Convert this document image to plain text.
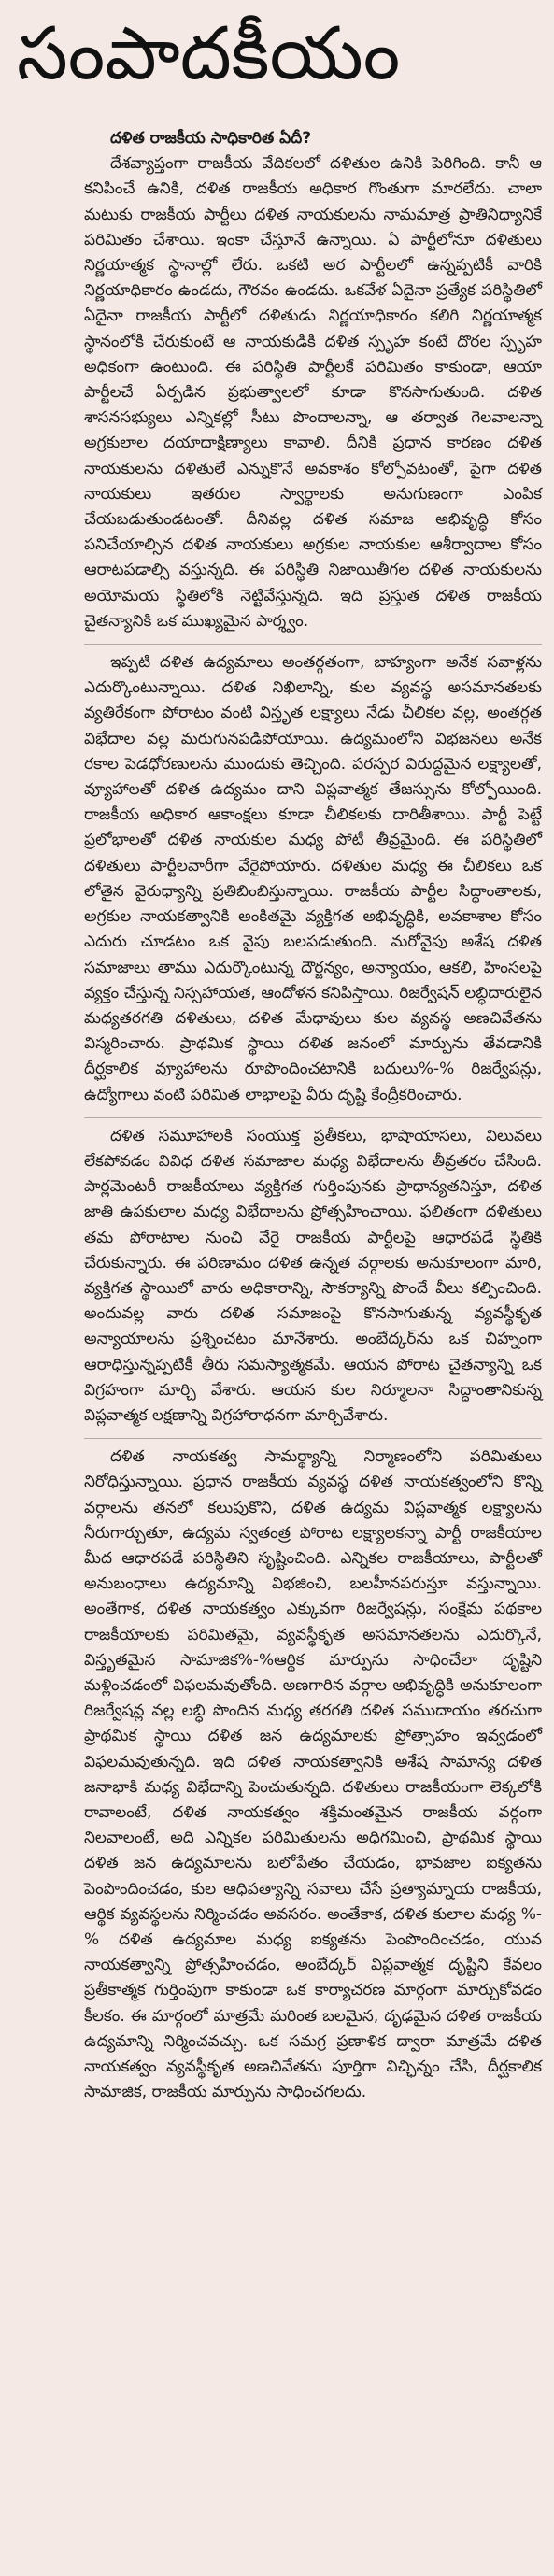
సంపాదకీయం
దళిత రాజకీయ సాధికారిత ఏదీ?

దేశవ్యాప్తంగా రాజకీయ వేదికలలో దళితుల ఉనికి పెరిగింది. కానీ ఆ కనిపించే ఉనికి, దళిత రాజకీయ అధికార గొంతుగా మారలేదు. చాలా మటుకు రాజకీయ పార్టీలు దళిత నాయకులను నామమాత్ర ప్రాతినిధ్యానికే పరిమితం చేశాయి. ఇంకా చేస్తూనే ఉన్నాయి. ఏ పార్టీలోనూ దళితులు నిర్ణయాత్మక స్థానాల్లో లేరు. ఒకటి అర పార్టీలలో ఉన్నప్పటికీ వారికి నిర్ణయాధికారం ఉండదు, గౌరవం ఉండదు. ఒకవేళ ఏదైనా ప్రత్యేక పరిస్థితిలో ఏదైనా రాజకీయ పార్టీలో దళితుడు నిర్ణయాధికారం కలిగి నిర్ణయాత్మక స్థానంలోకి చేరుకుంటే ఆ నాయకుడికి దళిత స్పృహ కంటే దొరల స్పృహ అధికంగా ఉంటుంది. ఈ పరిస్థితి పార్టీలకే పరిమితం కాకుండా, ఆయా పార్టీలచే ఏర్పడిన ప్రభుత్వాలలో కూడా కొనసాగుతుంది. దళిత శాసనసభ్యులు ఎన్నికల్లో సీటు పొందాలన్నా, ఆ తర్వాత గెలవాలన్నా అగ్రకులాల దయాదాక్షిణ్యాలు కావాలి. దీనికి ప్రధాన కారణం దళిత నాయకులను దళితులే ఎన్నుకొనే అవకాశం కోల్పోవటంతో, పైగా దళిత నాయకులు ఇతరుల స్వార్థాలకు అనుగుణంగా ఎంపిక చేయబడుతుండటంతో. దీనివల్ల దళిత సమాజ అభివృద్ధి కోసం పనిచేయాల్సిన దళిత నాయకులు అగ్రకుల నాయకుల ఆశీర్వాదాల కోసం ఆరాటపడాల్సి వస్తున్నది. ఈ పరిస్థితి నిజాయితీగల దళిత నాయకులను అయోమయ స్థితిలోకి నెట్టివేస్తున్నది. ఇది ప్రస్తుత దళిత రాజకీయ చైతన్యానికి ఒక ముఖ్యమైన పార్శ్వం.

ఇప్పటి దళిత ఉద్యమాలు అంతర్గతంగా, బాహ్యంగా అనేక సవాళ్లను ఎదుర్కొంటున్నాయి. దళిత నిఖిలాన్ని, కుల వ్యవస్థ అసమానతలకు వ్యతిరేకంగా పోరాటం వంటి విస్తృత లక్ష్యాలు నేడు చీలికల వల్ల, అంతర్గత విభేదాల వల్ల మరుగునపడిపోయాయి. ఉద్యమంలోని విభజనలు అనేక రకాల పెడధోరణులను ముందుకు తెచ్చింది. పరస్పర విరుద్ధమైన లక్ష్యాలతో, వ్యూహాలతో దళిత ఉద్యమం దాని విప్లవాత్మక తేజస్సును కోల్పోయింది. రాజకీయ అధికార ఆకాంక్షలు కూడా చీలికలకు దారితీశాయి. పార్టీ పెట్టే ప్రలోభాలతో దళిత నాయకుల మధ్య పోటీ తీవ్రమైంది. ఈ పరిస్థితిలో దళితులు పార్టీలవారీగా వేరైపోయారు. దళితుల మధ్య ఈ చీలికలు ఒక లోతైన వైరుధ్యాన్ని ప్రతిబింబిస్తున్నాయి. రాజకీయ పార్టీల సిద్ధాంతాలకు, అగ్రకుల నాయకత్వానికి అంకితమై వ్యక్తిగత అభివృద్ధికి, అవకాశాల కోసం ఎదురు చూడటం ఒక వైపు బలపడుతుంది. మరోవైపు అశేష దళిత సమాజాలు తాము ఎదుర్కొంటున్న దౌర్జన్యం, అన్యాయం, ఆకలి, హింసలపై వ్యక్తం చేస్తున్న నిస్సహాయత, ఆందోళన కనిపిస్తాయి. రిజర్వేషన్ లబ్ధిదారులైన మధ్యతరగతి దళితులు, దళిత మేధావులు కుల వ్యవస్థ అణచివేతను విస్మరించారు. ప్రాథమిక స్థాయి దళిత జనంలో మార్పును తేవడానికి దీర్ఘకాలిక వ్యూహాలను రూపొందించటానికి బదులు%-% రిజర్వేషన్లు, ఉద్యోగాలు వంటి పరిమిత లాభాలపై వీరు దృష్టి కేంద్రీకరించారు.

దళిత సమూహాలకి సంయుక్త ప్రతీకలు, భాషాయాసలు, విలువలు లేకపోవడం వివిధ దళిత సమాజాల మధ్య విభేదాలను తీవ్రతరం చేసింది. పార్లమెంటరీ రాజకీయాలు వ్యక్తిగత గుర్తింపునకు ప్రాధాన్యతనిస్తూ, దళిత జాతి ఉపకులాల మధ్య విభేదాలను ప్రోత్సహించాయి. ఫలితంగా దళితులు తమ పోరాటాల నుంచి వేరై రాజకీయ పార్టీలపై ఆధారపడే స్థితికి చేరుకున్నారు. ఈ పరిణామం దళిత ఉన్నత వర్గాలకు అనుకూలంగా మారి, వ్యక్తిగత స్థాయిలో వారు అధికారాన్ని, సౌకర్యాన్ని పొందే వీలు కల్పించింది. అందువల్ల వారు దళిత సమాజంపై కొనసాగుతున్న వ్యవస్థీకృత అన్యాయాలను ప్రశ్నించటం మానేశారు. అంబేద్కర్‌ను ఒక చిహ్నంగా ఆరాధిస్తున్నప్పటికీ తీరు సమస్యాత్మకమే. ఆయన పోరాట చైతన్యాన్ని ఒక విగ్రహంగా మార్చి వేశారు. ఆయన కుల నిర్మూలనా సిద్ధాంతానికున్న విప్లవాత్మక లక్షణాన్ని విగ్రహారాధనగా మార్చివేశారు.

దళిత నాయకత్వ సామర్థ్యాన్ని నిర్మాణంలోని పరిమితులు నిరోధిస్తున్నాయి. ప్రధాన రాజకీయ వ్యవస్థ దళిత నాయకత్వంలోని కొన్ని వర్గాలను తనలో కలుపుకొని, దళిత ఉద్యమ విప్లవాత్మక లక్ష్యాలను నీరుగార్చుతూ, ఉద్యమ స్వతంత్ర పోరాట లక్ష్యాలకన్నా పార్టీ రాజకీయాల మీద ఆధారపడే పరిస్థితిని సృష్టించింది. ఎన్నికల రాజకీయాలు, పార్టీలతో అనుబంధాలు ఉద్యమాన్ని విభజించి, బలహీనపరుస్తూ వస్తున్నాయి. అంతేగాక, దళిత నాయకత్వం ఎక్కువగా రిజర్వేషన్లు, సంక్షేమ పథకాల రాజకీయాలకు పరిమితమై, వ్యవస్థీకృత అసమానతలను ఎదుర్కొనే, విస్తృతమైన సామాజిక%-%ఆర్థిక మార్పును సాధించేలా దృష్టిని మళ్లించడంలో విఫలమవుతోంది. అణగారిన వర్గాల అభివృద్ధికి అనుకూలంగా రిజర్వేషన్ల వల్ల లబ్ధి పొందిన మధ్య తరగతి దళిత సముదాయం తరచుగా ప్రాథమిక స్థాయి దళిత జన ఉద్యమాలకు ప్రోత్సాహం ఇవ్వడంలో విఫలమవుతున్నది. ఇది దళిత నాయకత్వానికి అశేష సామాన్య దళిత జనాభాకి మధ్య విభేదాన్ని పెంచుతున్నది. దళితులు రాజకీయంగా లెక్కలోకి రావాలంటే, దళిత నాయకత్వం శక్తిమంతమైన రాజకీయ వర్గంగా నిలవాలంటే, అది ఎన్నికల పరిమితులను అధిగమించి, ప్రాథమిక స్థాయి దళిత జన ఉద్యమాలను బలోపేతం చేయడం, భావజాల ఐక్యతను పెంపొందించడం, కుల ఆధిపత్యాన్ని సవాలు చేసే ప్రత్యామ్నాయ రాజకీయ, ఆర్థిక వ్యవస్థలను నిర్మించడం అవసరం. అంతేకాక, దళిత కులాల మధ్య %-% దళిత ఉద్యమాల మధ్య ఐక్యతను పెంపొందించడం, యువ నాయకత్వాన్ని ప్రోత్సహించడం, అంబేద్కర్ విప్లవాత్మక దృష్టిని కేవలం ప్రతీకాత్మక గుర్తింపుగా కాకుండా ఒక కార్యాచరణ మార్గంగా మార్చుకోవడం కీలకం. ఈ మార్గంలో మాత్రమే మరింత బలమైన, దృఢమైన దళిత రాజకీయ ఉద్యమాన్ని నిర్మించవచ్చు. ఒక సమగ్ర ప్రణాళిక ద్వారా మాత్రమే దళిత నాయకత్వం వ్యవస్థీకృత అణచివేతను పూర్తిగా విచ్ఛిన్నం చేసి, దీర్ఘకాలిక సామాజిక, రాజకీయ మార్పును సాధించగలదు.
